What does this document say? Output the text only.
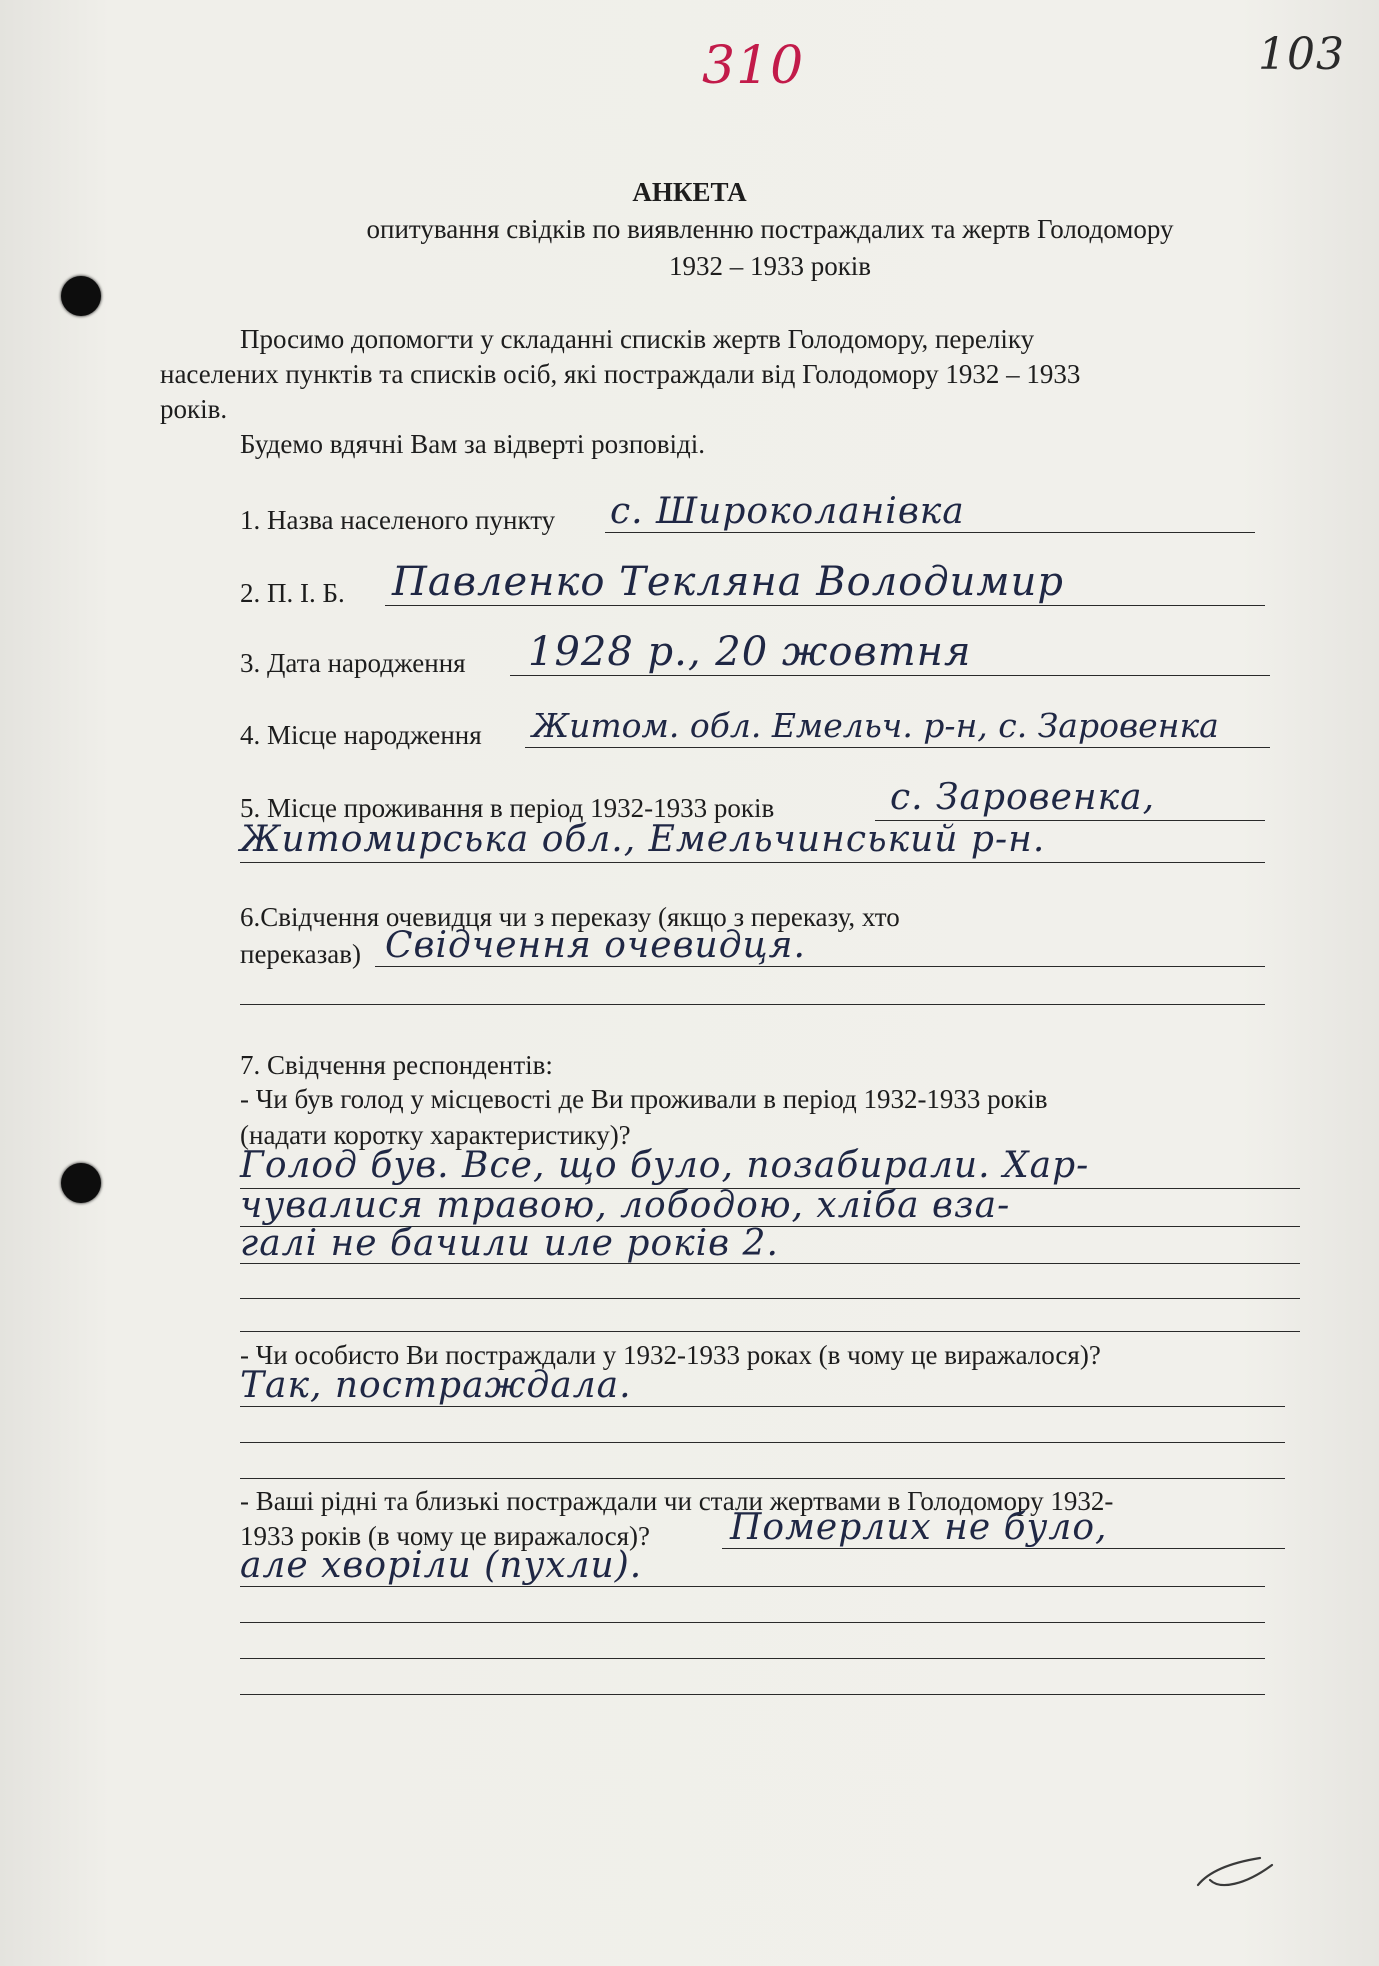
310	103
АНКЕТА
опитування свідків по виявленню постраждалих та жертв Голодомору
1932 – 1933 років
Просимо допомогти у складанні списків жертв Голодомору, переліку
населених пунктів та списків осіб, які постраждали від Голодомору 1932 – 1933
років.
Будемо вдячні Вам за відверті розповіді.
1. Назва населеного пункту с. Широколанівка
2. П. І. Б. Павленко Текляна Володимир
3. Дата народження 1928 р., 20 жовтня
4. Місце народження Житом. обл. Емельч. р-н, с. Заровенка
5. Місце проживання в період 1932-1933 років	с. Заровенка,
Житомирська обл., Емельчинський р-н.
6.Свідчення очевидця чи з переказу (якщо з переказу, хто
переказав) Свідчення очевидця.
7. Свідчення респондентів:
- Чи був голод у місцевості де Ви проживали в період 1932-1933 років
(надати коротку характеристику)?
Голод був. Все, що було, позабирали. Хар-
чувалися травою, лободою, хліба вза-
галі не бачили иле років 2.
- Чи особисто Ви постраждали у 1932-1933 роках (в чому це виражалося)?
Так, постраждала.
- Ваші рідні та близькі постраждали чи стали жертвами в Голодомору 1932-
1933 років (в чому це виражалося)? Померлих не було,
але хворіли (пухли).
